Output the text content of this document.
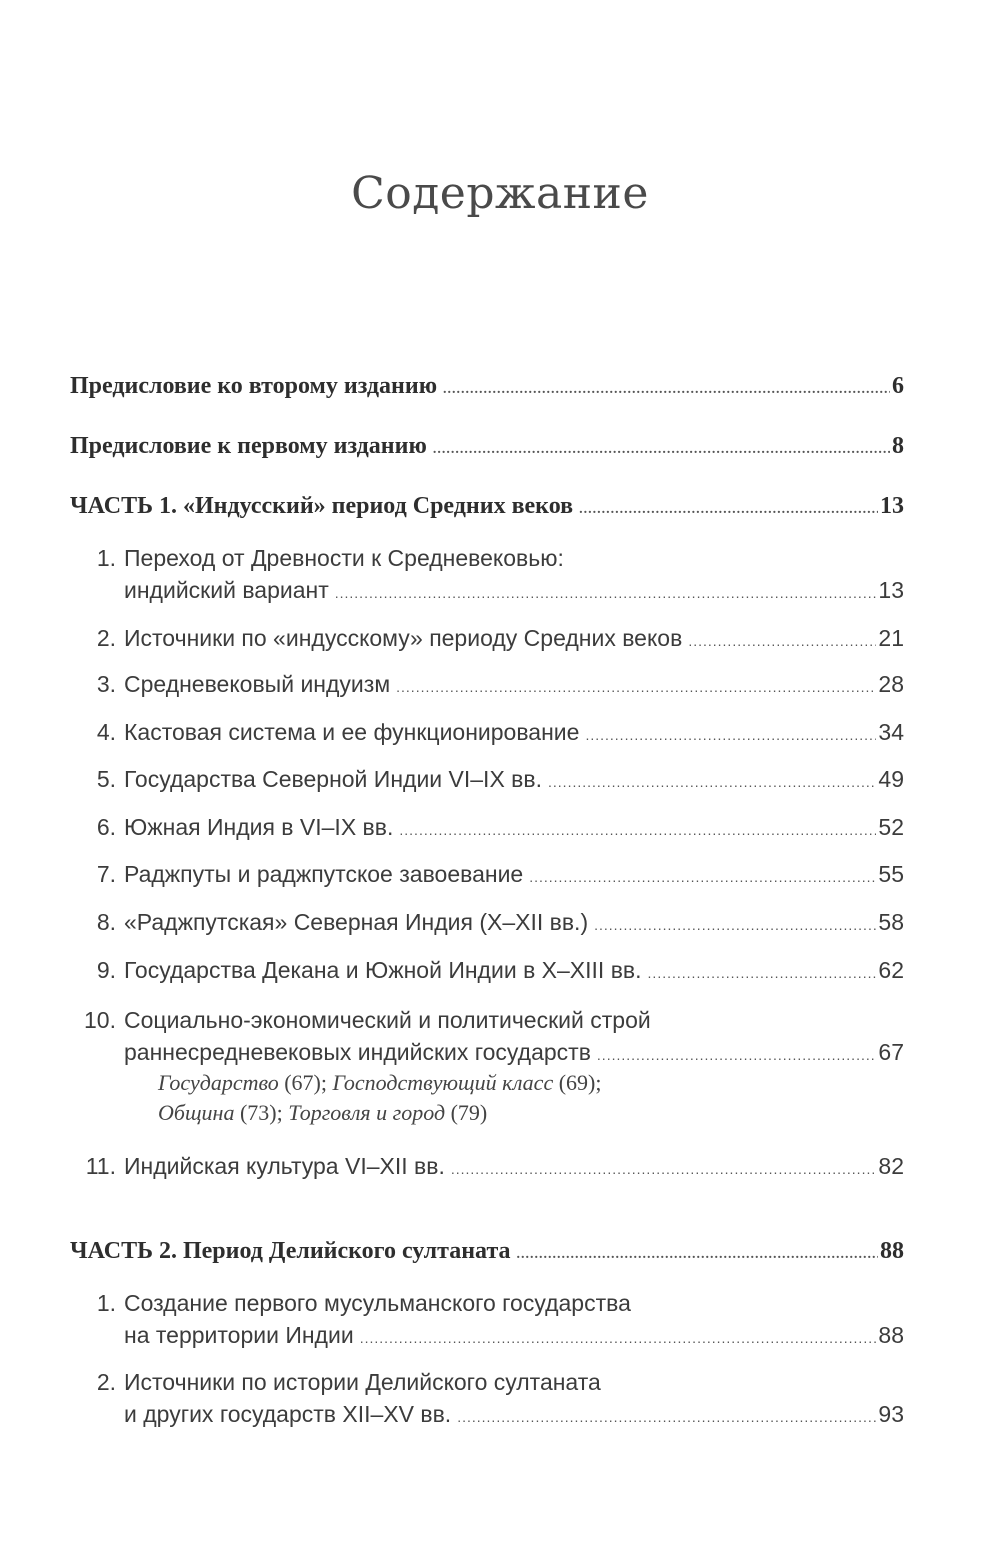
Содержание
Предисловие ко второму изданию .....	6
Предисловие к первому изданию .....	8
ЧАСТЬ 1. «Индусский» период Средних веков .....	13
1. Переход от Древности к Средневековью:
индийский вариант .....	13
2. Источники по «индусскому» периоду Средних веков .....	21
3. Средневековый индуизм .....	28
4. Кастовая система и ее функционирование .....	34
5. Государства Северной Индии VI–IX вв. .....	49
6. Южная Индия в VI–IX вв. .....	52
7. Раджпуты и раджпутское завоевание .....	55
8. «Раджпутская» Северная Индия (X–XII вв.) .....	58
9. Государства Декана и Южной Индии в X–XIII вв. .....	62
10. Социально-экономический и политический строй
раннесредневековых индийских государств .....	67
Государство (67); Господствующий класс (69);
Община (73); Торговля и город (79)
11. Индийская культура VI–XII вв. .....	82
ЧАСТЬ 2. Период Делийского султаната .....	88
1. Создание первого мусульманского государства
на территории Индии .....	88
2. Источники по истории Делийского султаната
и других государств XII–XV вв. .....	93
